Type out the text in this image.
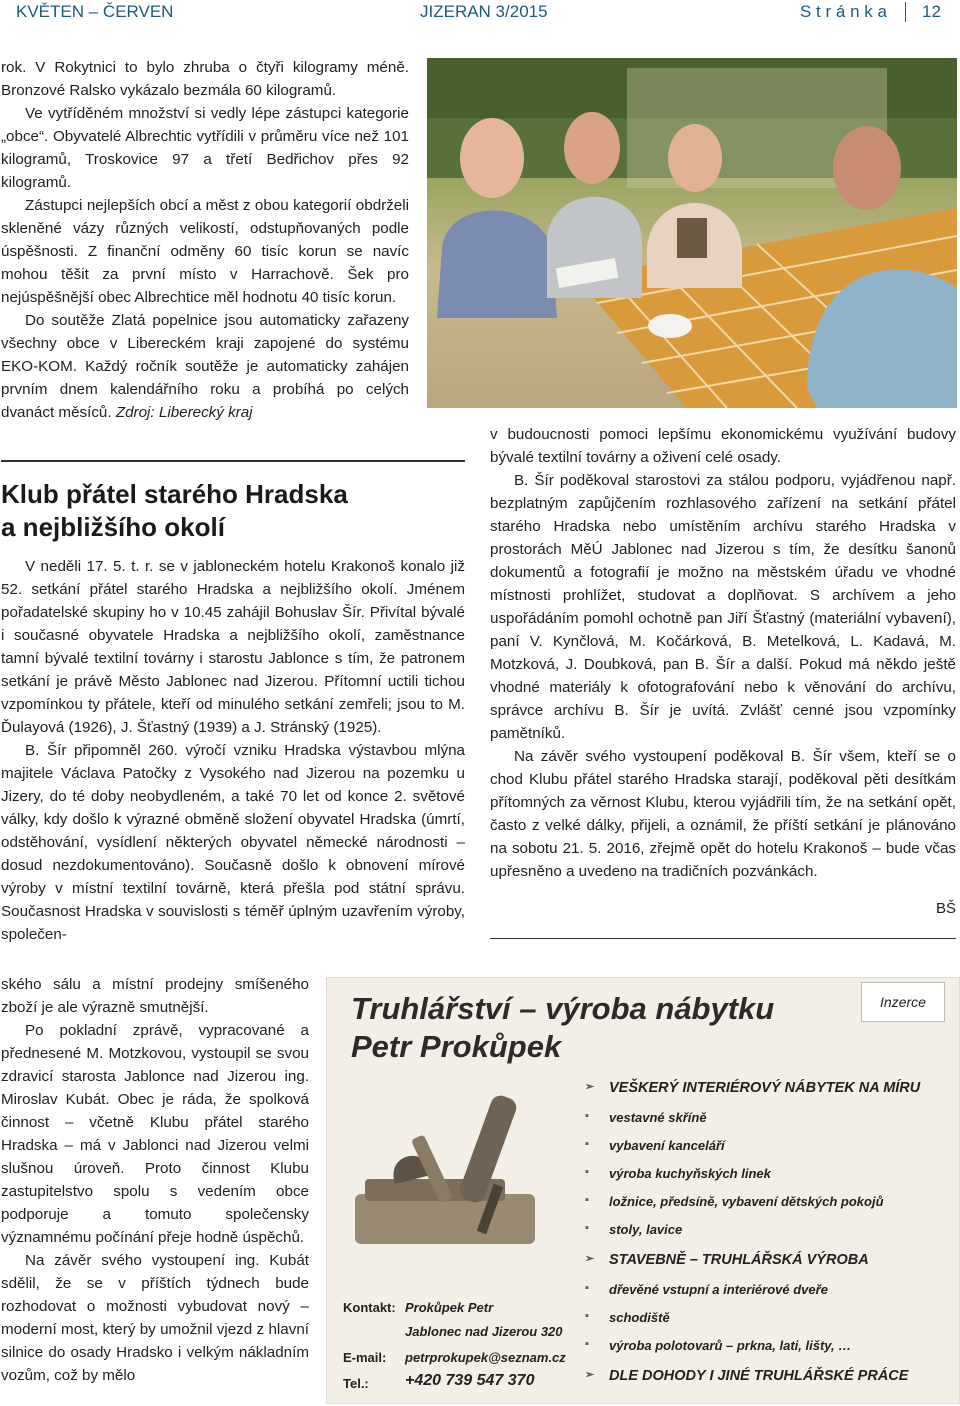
KVĚTEN – ČERVEN	JIZERAN 3/2015	S t r á n k a 12

rok. V Rokytnici to bylo zhruba o čtyři kilogramy méně. Bronzové Ralsko vykázalo bezmála 60 kilogramů.

Ve vytříděném množství si vedly lépe zástupci kategorie „obce“. Obyvatelé Albrechtic vytřídili v průměru více než 101 kilogramů, Troskovice 97 a třetí Bedřichov přes 92 kilogramů.

Zástupci nejlepších obcí a měst z obou kategorií obdrželi skleněné vázy různých velikostí, odstupňovaných podle úspěšnosti. Z finanční odměny 60 tisíc korun se navíc mohou těšit za první místo v Harrachově. Šek pro nejúspěšnější obec Albrechtice měl hodnotu 40 tisíc korun.

Do soutěže Zlatá popelnice jsou automaticky zařazeny všechny obce v Libereckém kraji zapojené do systému EKO-KOM. Každý ročník soutěže je automaticky zahájen prvním dnem kalendářního roku a probíhá po celých dvanáct měsíců. Zdroj: Liberecký kraj

Klub přátel starého Hradska
a nejbližšího okolí

V neděli 17. 5. t. r. se v jabloneckém hotelu Krakonoš konalo již 52. setkání přátel starého Hradska a nejbližšího okolí. Jménem pořadatelské skupiny ho v 10.45 zahájil Bohuslav Šír. Přivítal bývalé i současné obyvatele Hradska a nejbližšího okolí, zaměstnance tamní bývalé textilní továrny i starostu Jablonce s tím, že patronem setkání je právě Město Jablonec nad Jizerou. Přítomní uctili tichou vzpomínkou ty přátele, kteří od minulého setkání zemřeli; jsou to M. Ďulayová (1926), J. Šťastný (1939) a J. Stránský (1925).

B. Šír připomněl 260. výročí vzniku Hradska výstavbou mlýna majitele Václava Patočky z Vysokého nad Jizerou na pozemku u Jizery, do té doby neobydleném, a také 70 let od konce 2. světové války, kdy došlo k výrazné obměně složení obyvatel Hradska (úmrtí, odstěhování, vysídlení některých obyvatel německé národnosti – dosud nezdokumentováno). Současně došlo k obnovení mírové výroby v místní textilní továrně, která přešla pod státní správu. Současnost Hradska v souvislosti s téměř úplným uzavřením výroby, společen-

ského sálu a místní prodejny smíšeného zboží je ale výrazně smutnější.

Po pokladní zprávě, vypracované a přednesené M. Motzkovou, vystoupil se svou zdravicí starosta Jablonce nad Jizerou ing. Miroslav Kubát. Obec je ráda, že spolková činnost – včetně Klubu přátel starého Hradska – má v Jablonci nad Jizerou velmi slušnou úroveň. Proto činnost Klubu zastupitelstvo spolu s vedením obce podporuje a tomuto společensky významnému počínání přeje hodně úspěchů.

Na závěr svého vystoupení ing. Kubát sdělil, že se v příštích týdnech bude rozhodovat o možnosti vybudovat nový – moderní most, který by umožnil vjezd z hlavní silnice do osady Hradsko i velkým nákladním vozům, což by mělo

v budoucnosti pomoci lepšímu ekonomickému využívání budovy bývalé textilní továrny a oživení celé osady.

B. Šír poděkoval starostovi za stálou podporu, vyjádřenou např. bezplatným zapůjčením rozhlasového zařízení na setkání přátel starého Hradska nebo umístěním archívu starého Hradska v prostorách MěÚ Jablonec nad Jizerou s tím, že desítku šanonů dokumentů a fotografií je možno na městském úřadu ve vhodné místnosti prohlížet, studovat a doplňovat. S archívem a jeho uspořádáním pomohl ochotně pan Jiří Šťastný (materiální vybavení), paní V. Kynčlová, M. Kočárková, B. Metelková, L. Kadavá, M. Motzková, J. Doubková, pan B. Šír a další. Pokud má někdo ještě vhodné materiály k ofotografování nebo k věnování do archívu, správce archívu B. Šír je uvítá. Zvlášť cenné jsou vzpomínky pamětníků.

Na závěr svého vystoupení poděkoval B. Šír všem, kteří se o chod Klubu přátel starého Hradska starají, poděkoval pěti desítkám přítomných za věrnost Klubu, kterou vyjádřili tím, že na setkání opět, často z velké dálky, přijeli, a oznámil, že příští setkání je plánováno na sobotu 21. 5. 2016, zřejmě opět do hotelu Krakonoš – bude včas upřesněno a uvedeno na tradičních pozvánkách.

BŠ

Truhlářství – výroba nábytku
Petr Prokůpek

Inzerce
➢ VEŠKERÝ INTERIÉROVÝ NÁBYTEK NA MÍRU
▪ vestavné skříně
▪ vybavení kanceláří
▪ výroba kuchyňských linek
▪ ložnice, předsíně, vybavení dětských pokojů
▪ stoly, lavice
➢ STAVEBNĚ – TRUHLÁŘSKÁ VÝROBA
▪ dřevěné vstupní a interiérové dveře
▪ schodiště
▪ výroba polotovarů – prkna, lati, lišty, …
➢ DLE DOHODY I JINÉ TRUHLÁŘSKÉ PRÁCE
Kontakt: Prokůpek Petr
Jablonec nad Jizerou 320
E-mail: petrprokupek@seznam.cz
Tel.: +420 739 547 370
